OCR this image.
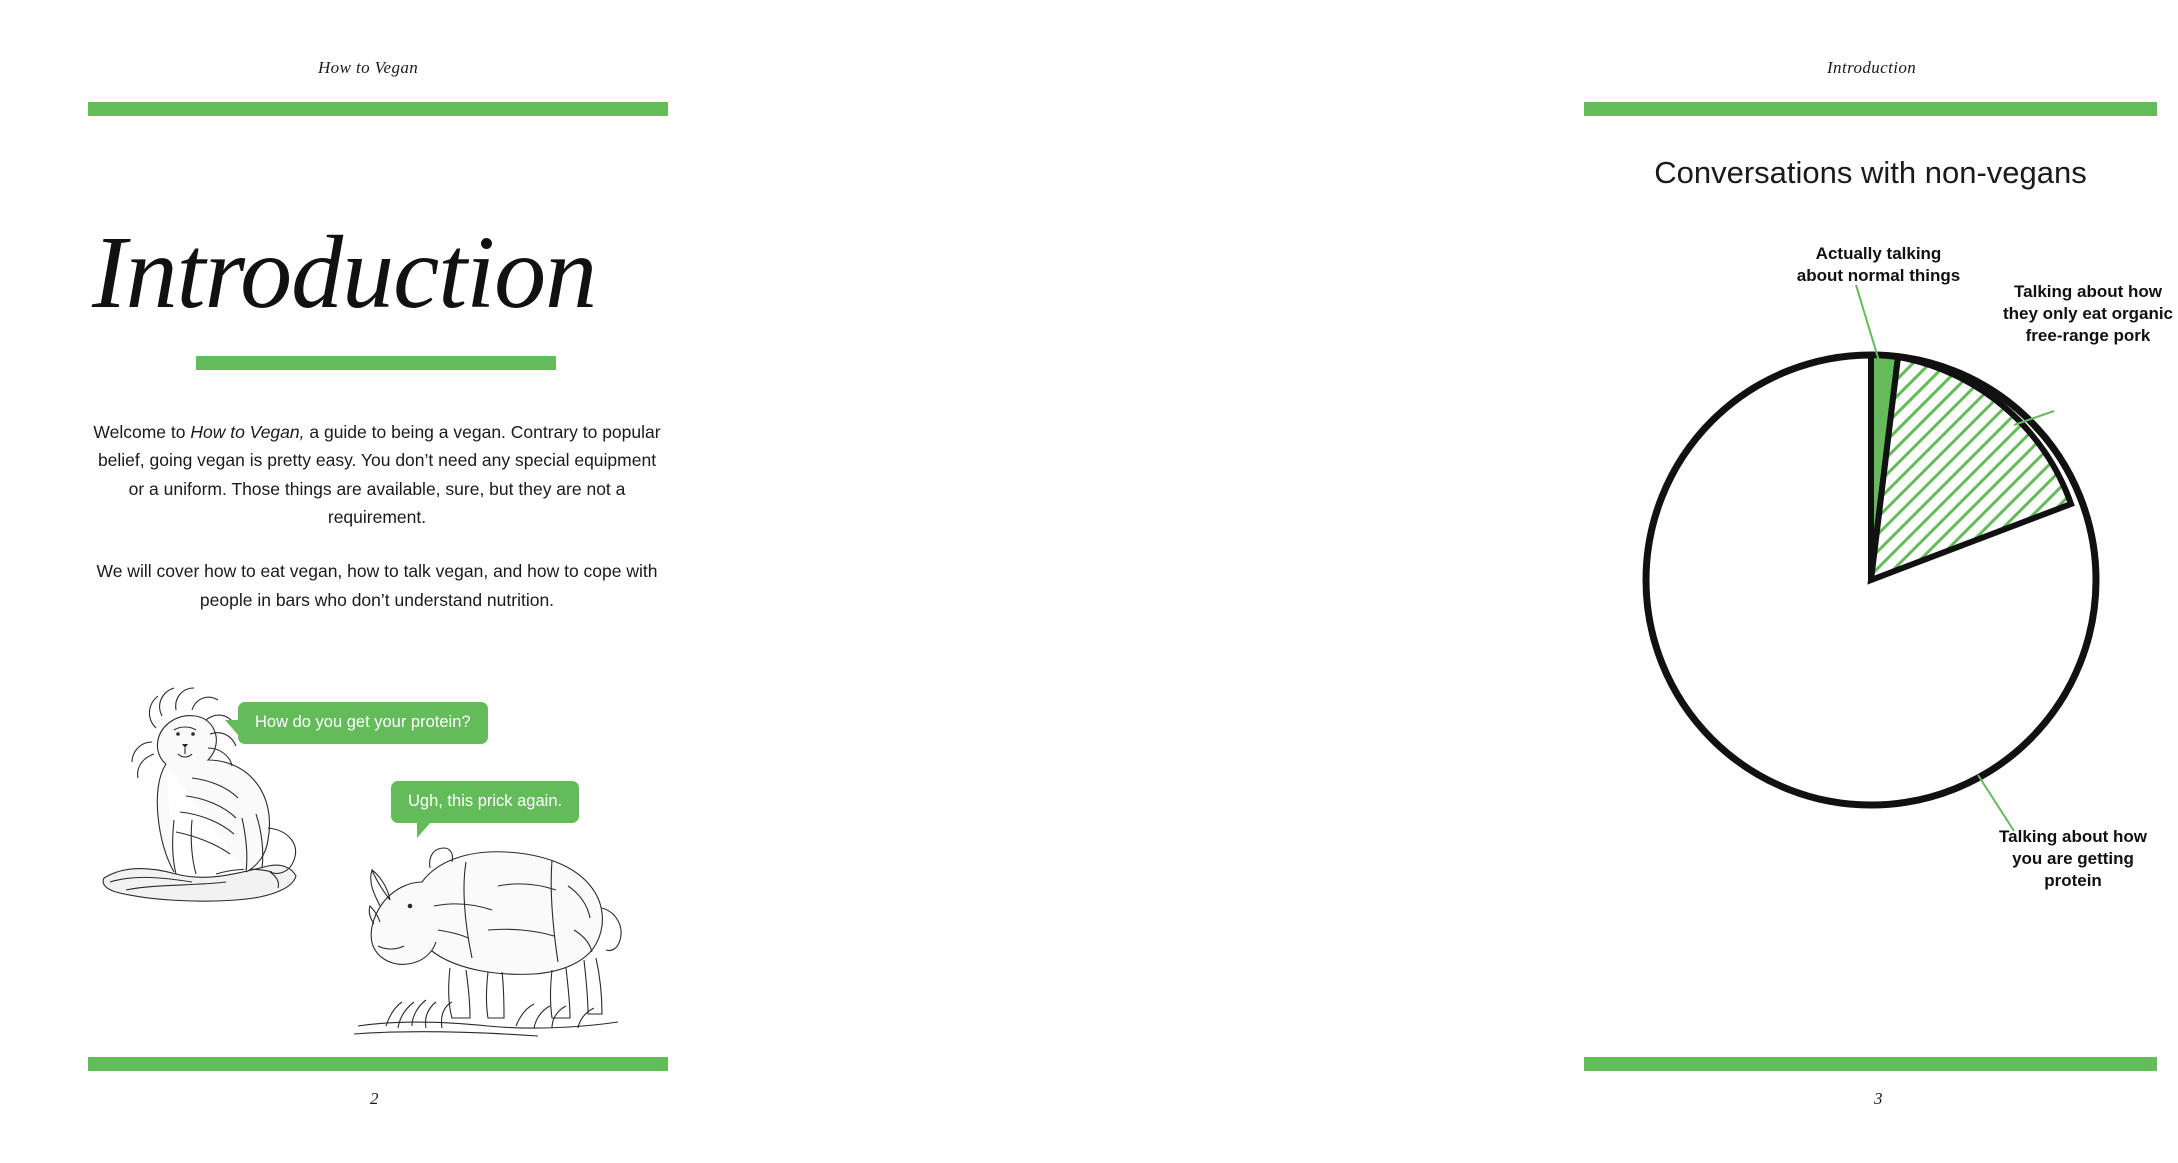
How to Vegan
Introduction

Welcome to How to Vegan, a guide to being a vegan. Contrary to popular belief, going vegan is pretty easy. You don’t need any special equipment or a uniform. Those things are available, sure, but they are not a requirement.

We will cover how to eat vegan, how to talk vegan, and how to cope with people in bars who don’t understand nutrition.

How do you get your protein?
Ugh, this prick again.
2
Introduction
Conversations with non-vegans
Actually talking about normal things
Talking about how they only eat organic free-range pork
Talking about how you are getting protein
3
